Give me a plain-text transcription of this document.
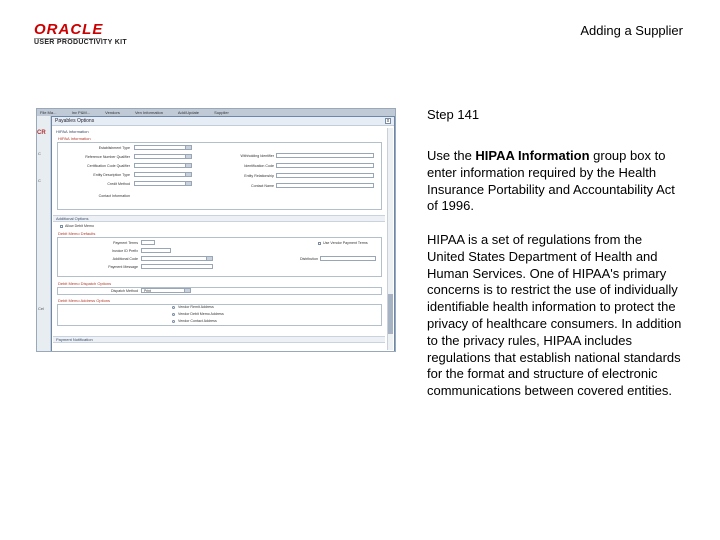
ORACLE
USER PRODUCTIVITY KIT
Adding a Supplier
File Ma...	Inv P&M...	Vendors	Ven Information	Add/Update	Supplier
CR
C
C
Cel
Payables Options	x
HIPAA Information
HIPAA Information
Establishment Type
Reference Number Qualifier
Certification Code Qualifier
Entity Description Type
Credit Method
Contact Information
Withholding Identifier
Identification Code
Entity Relationship
Contact Name
Additional Options
Allow Debit Memo
Debit Memo Defaults
Payment Terms
Invoice ID Prefix
Additional Code
Payment Message
Use Vendor Payment Terms
Distribution
Debit Memo Dispatch Options
Dispatch Method Print
Debit Memo Address Options
Vendor Remit Address
Vendor Debit Memo Address
Vendor Contact Address
Payment Notification
Step 141
Use the HIPAA Information group box to enter information required by the Health Insurance Portability and Accountability Act of 1996.
HIPAA is a set of regulations from the United States Department of Health and Human Services. One of HIPAA's primary concerns is to restrict the use of individually identifiable health information to protect the privacy of healthcare consumers. In addition to the privacy rules, HIPAA includes regulations that establish national standards for the format and structure of electronic communications between covered entities.
